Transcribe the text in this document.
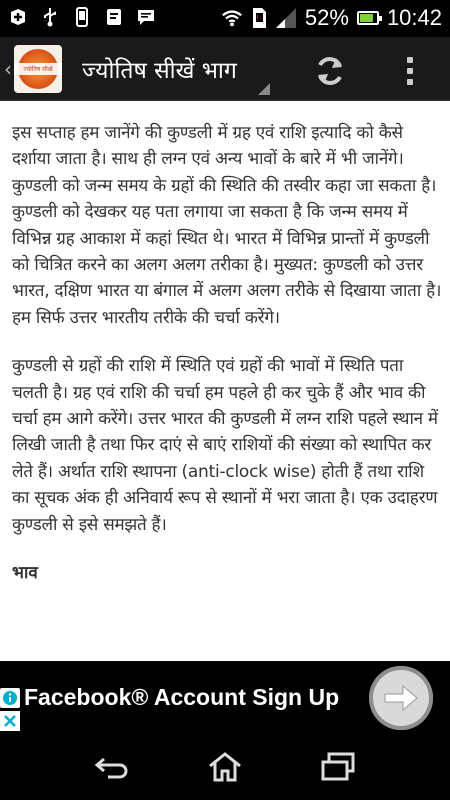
! 52% 10:42
‹	ज्योतिष सीखें	ज्योतिष सीखें भाग

इस सप्ताह हम जानेंगे की कुण्डली में ग्रह एवं राशि इत्यादि को कैसे दर्शाया जाता है। साथ ही लग्न एवं अन्य भावों के बारे में भी जानेंगे। कुण्डली को जन्म समय के ग्रहों की स्थिति की तस्वीर कहा जा सकता है। कुण्डली को देखकर यह पता लगाया जा सकता है कि जन्म समय में विभिन्न ग्रह आकाश में कहां स्थित थे। भारत में विभिन्न प्रान्तों में कुण्डली को चित्रित करने का अलग अलग तरीका है। मुख्यत: कुण्डली को उत्तर भारत, दक्षिण भारत या बंगाल में अलग अलग तरीके से दिखाया जाता है। हम सिर्फ उत्तर भारतीय तरीके की चर्चा करेंगे।

कुण्डली से ग्रहों की राशि में स्थिति एवं ग्रहों की भावों में स्थिति पता चलती है। ग्रह एवं राशि की चर्चा हम पहले ही कर चुके हैं और भाव की चर्चा हम आगे करेंगे। उत्तर भारत की कुण्डली में लग्न राशि पहले स्थान में लिखी जाती है तथा फिर दाएं से बाएं राशियों की संख्या को स्थापित कर लेते हैं। अर्थात राशि स्थापना (anti-clock wise) होती हैं तथा राशि का सूचक अंक ही अनिवार्य रूप से स्थानों में भरा जाता है। एक उदाहरण कुण्डली से इसे समझते हैं।

भाव

Facebook® Account Sign Up
